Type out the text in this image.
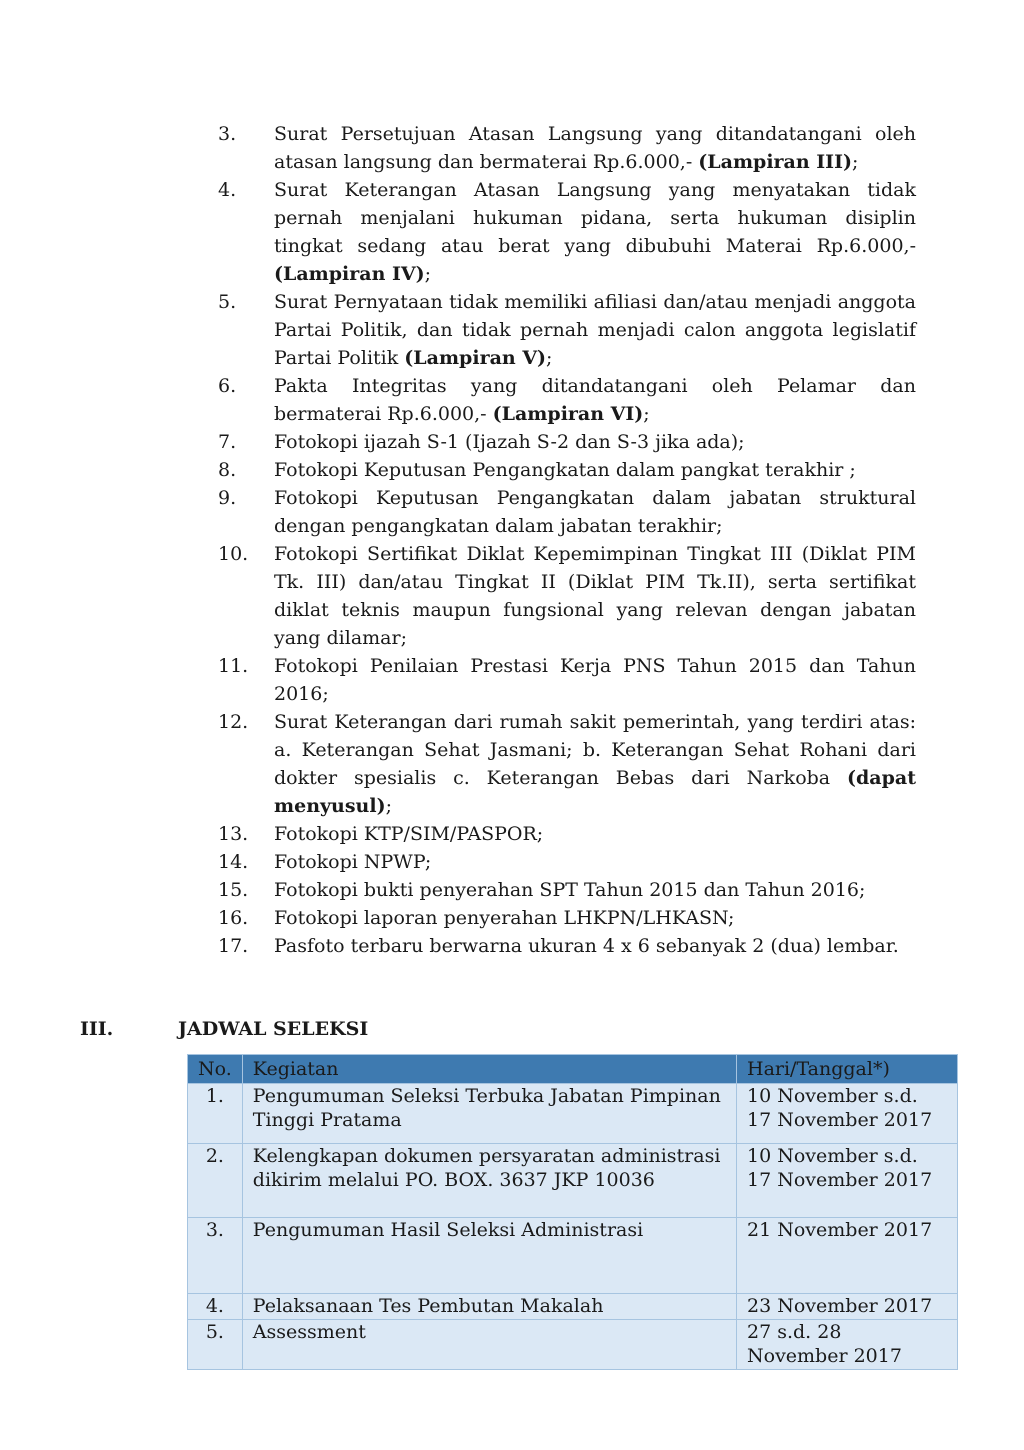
3.	Surat Persetujuan Atasan Langsung yang ditandatangani oleh atasan langsung dan bermaterai Rp.6.000,- (Lampiran III);
4.	Surat Keterangan Atasan Langsung yang menyatakan tidak pernah menjalani hukuman pidana, serta hukuman disiplin tingkat sedang atau berat yang dibubuhi Materai Rp.6.000,- (Lampiran IV);
5.	Surat Pernyataan tidak memiliki afiliasi dan/atau menjadi anggota Partai Politik, dan tidak pernah menjadi calon anggota legislatif Partai Politik (Lampiran V);
6.	Pakta Integritas yang ditandatangani oleh Pelamar dan bermaterai Rp.6.000,- (Lampiran VI);
7.	Fotokopi ijazah S-1 (Ijazah S-2 dan S-3 jika ada);
8.	Fotokopi Keputusan Pengangkatan dalam pangkat terakhir ;
9.	Fotokopi Keputusan Pengangkatan dalam jabatan struktural dengan pengangkatan dalam jabatan terakhir;
10.	Fotokopi Sertifikat Diklat Kepemimpinan Tingkat III (Diklat PIM Tk. III) dan/atau Tingkat II (Diklat PIM Tk.II), serta sertifikat diklat teknis maupun fungsional yang relevan dengan jabatan yang dilamar;
11.	Fotokopi Penilaian Prestasi Kerja PNS Tahun 2015 dan Tahun 2016;
12.	Surat Keterangan dari rumah sakit pemerintah, yang terdiri atas: a. Keterangan Sehat Jasmani; b. Keterangan Sehat Rohani dari dokter spesialis c. Keterangan Bebas dari Narkoba (dapat menyusul);
13.	Fotokopi KTP/SIM/PASPOR;
14.	Fotokopi NPWP;
15.	Fotokopi bukti penyerahan SPT Tahun 2015 dan Tahun 2016;
16.	Fotokopi laporan penyerahan LHKPN/LHKASN;
17.	Pasfoto terbaru berwarna ukuran 4 x 6 sebanyak 2 (dua) lembar.
III.	JADWAL SELEKSI
No.	Kegiatan	Hari/Tanggal*)
1.	Pengumuman Seleksi Terbuka Jabatan Pimpinan Tinggi Pratama	10 November s.d. 17 November 2017
2.	Kelengkapan dokumen persyaratan administrasi dikirim melalui PO. BOX. 3637 JKP 10036	10 November s.d. 17 November 2017
3.	Pengumuman Hasil Seleksi Administrasi	21 November 2017
4.	Pelaksanaan Tes Pembutan Makalah	23 November 2017
5.	Assessment	27 s.d. 28 November 2017
